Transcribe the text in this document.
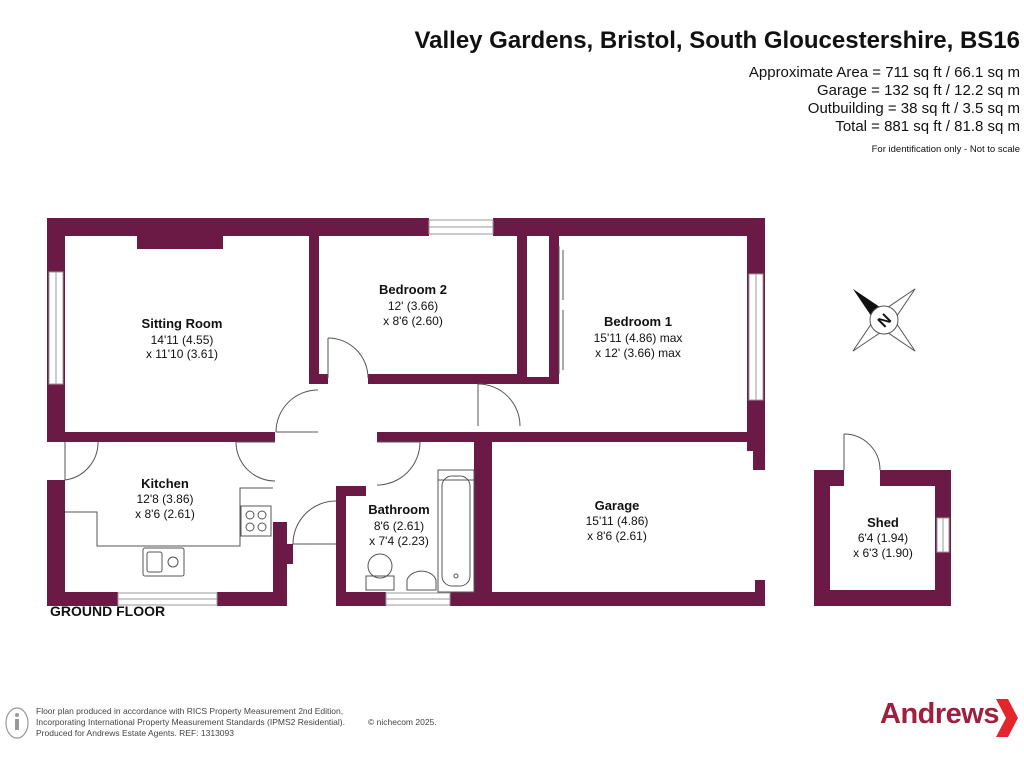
Valley Gardens, Bristol, South Gloucestershire, BS16
Approximate Area = 711 sq ft / 66.1 sq m
Garage = 132 sq ft / 12.2 sq m
Outbuilding = 38 sq ft / 3.5 sq m
Total = 881 sq ft / 81.8 sq m
For identification only - Not to scale
Sitting Room
14'11 (4.55)
x 11'10 (3.61)
Bedroom 2
12' (3.66)
x 8'6 (2.60)	Bedroom 1
15'11 (4.86) max
x 12' (3.66) max
Kitchen
12'8 (3.86)
x 8'6 (2.61)	Bathroom
8'6 (2.61)
x 7'4 (2.23)
Garage
15'11 (4.86)
x 8'6 (2.61)
Shed
6'4 (1.94)
x 6'3 (1.90)
GROUND FLOOR
N
Floor plan produced in accordance with RICS Property Measurement 2nd Edition,
Incorporating International Property Measurement Standards (IPMS2 Residential).
Produced for Andrews Estate Agents. REF: 1313093
© nichecom 2025.	Andrews
